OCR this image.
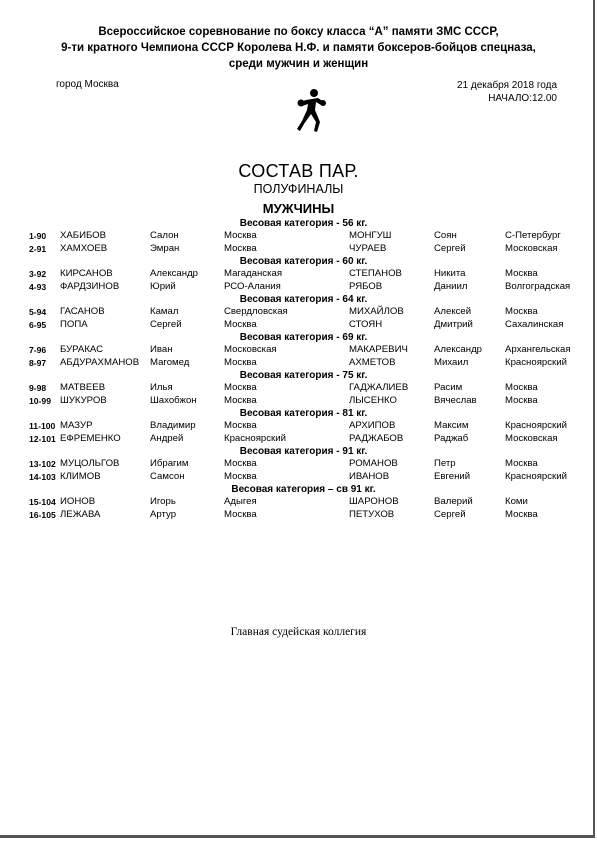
Всероссийское соревнование по боксу класса “А” памяти ЗМС СССР,
9-ти кратного Чемпиона СССР Королева Н.Ф. и памяти боксеров-бойцов спецназа,
среди мужчин и женщин
город Москва	21 декабря 2018 года
НАЧАЛО:12.00
СОСТАВ ПАР.
ПОЛУФИНАЛЫ
МУЖЧИНЫ
Весовая категория - 56 кг.
1-90 ХАБИБОВ	Салон	Москва	МОНГУШ	Соян	С-Петербург
2-91 ХАМХОЕВ	Эмран	Москва	ЧУРАЕВ	Сергей	Московская
Весовая категория - 60 кг.
3-92 КИРСАНОВ	Александр	Магаданская	СТЕПАНОВ	Никита	Москва
4-93 ФАРДЗИНОВ	Юрий	РСО-Алания	РЯБОВ	Даниил	Волгоградская
Весовая категория - 64 кг.
5-94 ГАСАНОВ	Камал	Свердловская	МИХАЙЛОВ	Алексей	Москва
6-95 ПОПА	Сергей	Москва	СТОЯН	Дмитрий	Сахалинская
Весовая категория - 69 кг.
7-96 БУРАКАС	Иван	Московская	МАКАРЕВИЧ	Александр Архангельская
8-97 АБДУРАХМАНОВ Магомед	Москва	АХМЕТОВ	Михаил	Красноярский
Весовая категория - 75 кг.
9-98 МАТВЕЕВ	Илья	Москва	ГАДЖАЛИЕВ	Расим	Москва
10-99 ШУКУРОВ	Шахобжон	Москва	ЛЫСЕНКО	Вячеслав	Москва
Весовая категория - 81 кг.
11-100 МАЗУР	Владимир	Москва	АРХИПОВ	Максим	Красноярский
12-101 ЕФРЕМЕНКО	Андрей	Красноярский	РАДЖАБОВ	Раджаб	Московская
Весовая категория - 91 кг.
13-102 МУЦОЛЬГОВ	Ибрагим	Москва	РОМАНОВ	Петр	Москва
14-103 КЛИМОВ	Самсон	Москва	ИВАНОВ	Евгений	Красноярский
Весовая категория – св 91 кг.
15-104 ИОНОВ	Игорь	Адыгея	ШАРОНОВ	Валерий	Коми
16-105 ЛЕЖАВА	Артур	Москва	ПЕТУХОВ	Сергей	Москва
Главная судейская коллегия
